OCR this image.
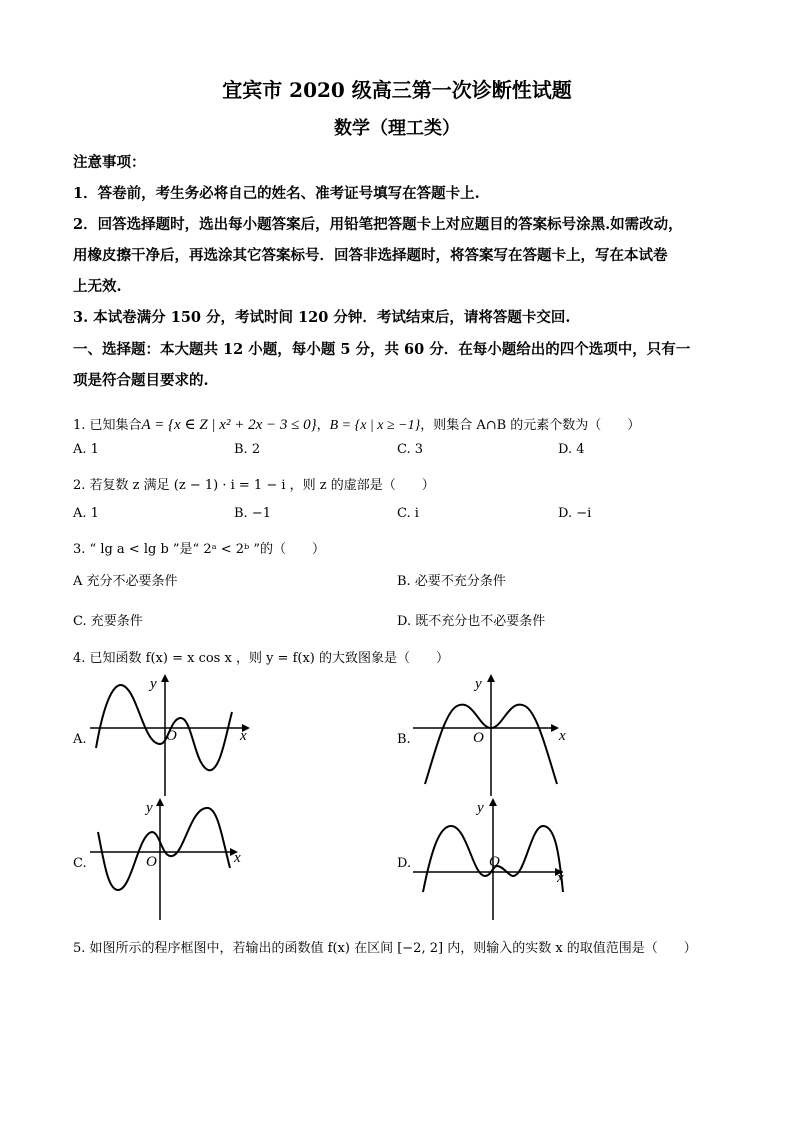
宜宾市 2020 级高三第一次诊断性试题
数学（理工类）
注意事项：
1．答卷前，考生务必将自己的姓名、准考证号填写在答题卡上.
2．回答选择题时，选出每小题答案后，用铅笔把答题卡上对应题目的答案标号涂黑.如需改动，
用橡皮擦干净后，再选涂其它答案标号．回答非选择题时，将答案写在答题卡上，写在本试卷
上无效.
3. 本试卷满分 150 分，考试时间 120 分钟．考试结束后，请将答题卡交回.
一、选择题：本大题共 12 小题，每小题 5 分，共 60 分．在每小题给出的四个选项中，只有一
项是符合题目要求的.
1. 已知集合A = {x ∈ Z | x² + 2x − 3 ≤ 0}，B = {x | x ≥ −1}，则集合 A∩B 的元素个数为（　　）
A. 1	B. 2	C. 3	D. 4
2. 若复数 z 满足 (z − 1) · i = 1 − i ，则 z 的虚部是（　　）
A. 1	B. −1	C. i	D. −i
3. “ lg a < lg b ”是“ 2ᵃ < 2ᵇ ”的（　　）
A 充分不必要条件	B. 必要不充分条件
C. 充要条件	D. 既不充分也不必要条件
4. 已知函数 f(x) = x cos x ，则 y = f(x) 的大致图象是（　　）
A.	B.
C.	D.
x
y
O	x
y
O
x
y
O
x
y
O
5. 如图所示的程序框图中，若输出的函数值 f(x) 在区间 [−2, 2] 内，则输入的实数 x 的取值范围是（　　）
